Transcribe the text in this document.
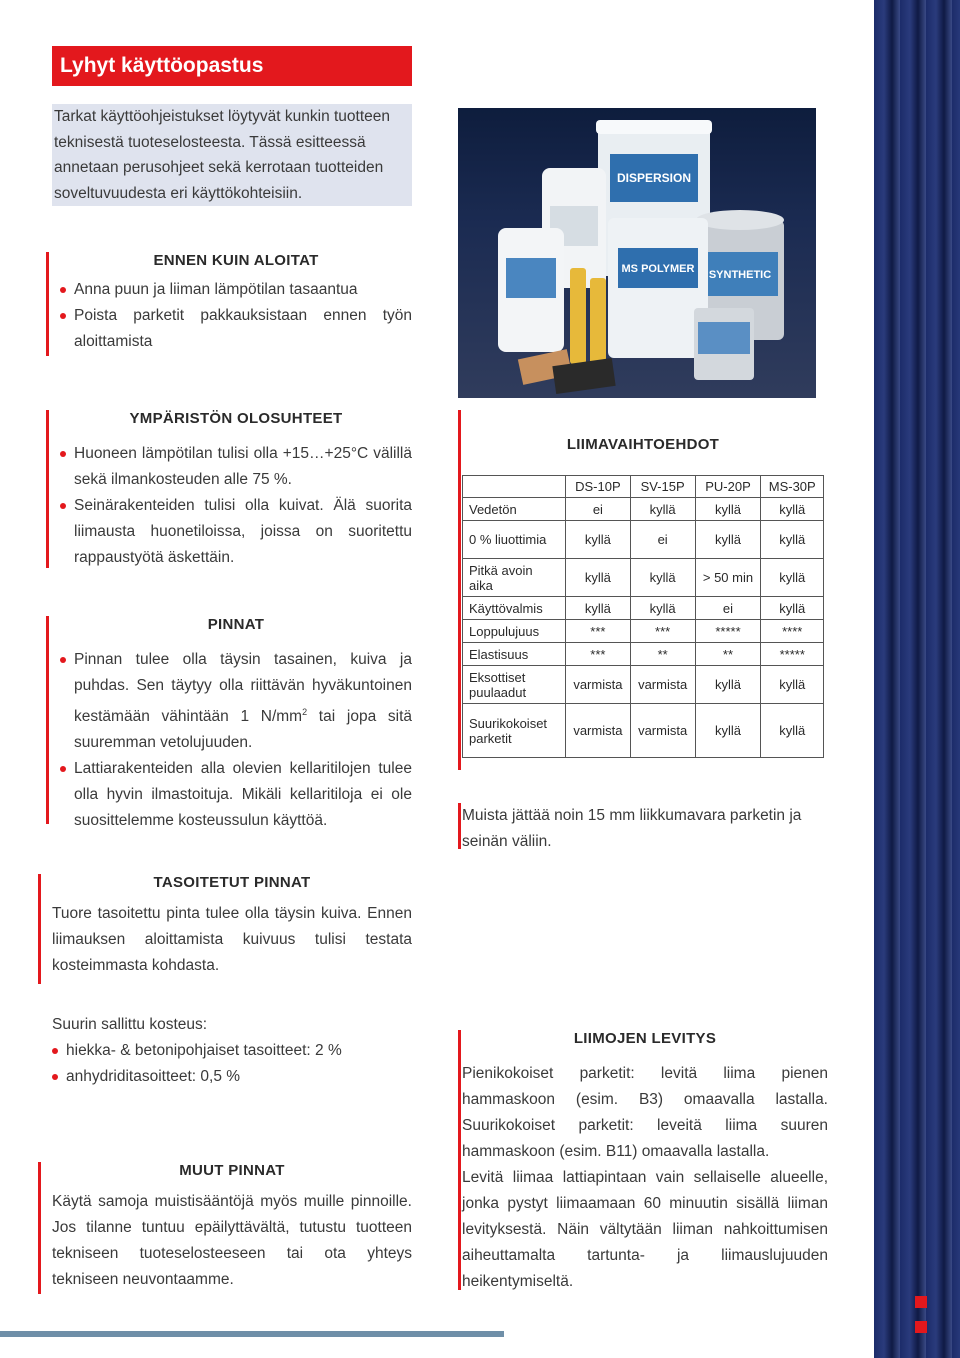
Lyhyt käyttöopastus
Tarkat käyttöohjeistukset löytyvät kunkin tuotteen teknisestä tuoteselosteesta. Tässä esitteessä annetaan perusohjeet sekä kerrotaan tuotteiden soveltuvuudesta eri käyttökohteisiin.
ENNEN KUIN ALOITAT
Anna puun ja liiman lämpötilan tasaantua
Poista parketit pakkauksistaan ennen työn aloittamista
YMPÄRISTÖN OLOSUHTEET
Huoneen lämpötilan tulisi olla +15…+25°C välillä sekä ilmankosteuden alle 75 %.
Seinärakenteiden tulisi olla kuivat. Älä suorita liimausta huonetiloissa, joissa on suoritettu rappaustyötä äskettäin.
PINNAT
Pinnan tulee olla täysin tasainen, kuiva ja puhdas. Sen täytyy olla riittävän hyväkuntoinen kestämään vähintään 1 $N/mm^2$ tai jopa sitä suuremman vetolujuuden.
Lattiarakenteiden alla olevien kellaritilojen tulee olla hyvin ilmastoituja. Mikäli kellaritiloja ei ole suosittelemme kosteussulun käyttöä.
TASOITETUT PINNAT
Tuore tasoitettu pinta tulee olla täysin kuiva. Ennen liimauksen aloittamista kuivuus tulisi testata kosteimmasta kohdasta.
Suurin sallittu kosteus:
hiekka- & betonipohjaiset tasoitteet: 2 %
anhydriditasoitteet: 0,5 %
MUUT PINNAT
Käytä samoja muistisääntöjä myös muille pinnoille. Jos tilanne tuntuu epäilyttävältä, tutustu tuotteen tekniseen tuoteselosteeseen tai ota yhteys tekniseen neuvontaamme.
DISPERSION
SYNTHETIC
MS POLYMER
LIIMAVAIHTOEHDOT
	DS-10P	SV-15P	PU-20P	MS-30P
Vedetön	ei	kyllä	kyllä	kyllä
0 % liuottimia	kyllä	ei	kyllä	kyllä
Pitkä avoin aika	kyllä	kyllä	> 50 min	kyllä
Käyttövalmis	kyllä	kyllä	ei	kyllä
Loppulujuus	***	***	*****	****
Elastisuus	***	**	**	*****
Eksottiset puulaadut	varmista	varmista	kyllä	kyllä
Suurikokoiset parketit	varmista	varmista	kyllä	kyllä
Muista jättää noin 15 mm liikkumavara parketin ja seinän väliin.
LIIMOJEN LEVITYS
Pienikokoiset parketit: levitä liima pienen hammaskoon (esim. B3) omaavalla lastalla. Suurikokoiset parketit: leveitä liima suuren hammaskoon (esim. B11) omaavalla lastalla.
Levitä liimaa lattiapintaan vain sellaiselle alueelle, jonka pystyt liimaamaan 60 minuutin sisällä liiman levityksestä. Näin vältytään liiman nahkoittumisen aiheuttamalta tartunta- ja liimauslujuuden heikentymiseltä.
